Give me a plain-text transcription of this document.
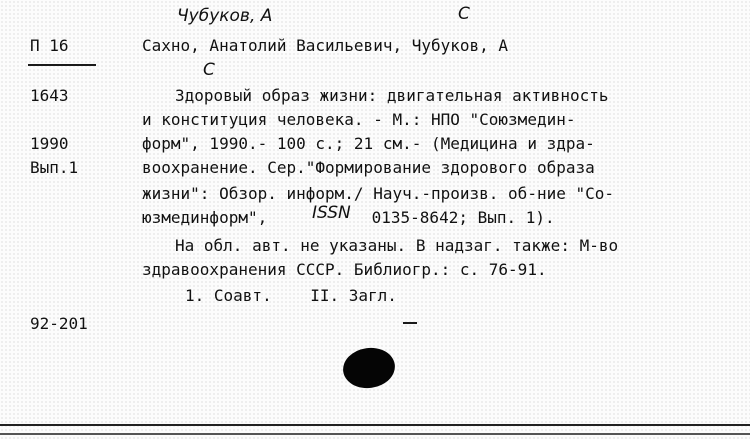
Чубуков, А	С
П 16	Сахно, Анатолий Васильевич, Чубуков, А
С
1643	Здоровый образ жизни: двигательная активность
и конституция человека. - М.: НПО "Союзмедин-
1990	форм", 1990.- 100 с.; 21 см.- (Медицина и здра-
Вып.1	воохранение. Сер."Формирование здорового образа
жизни": Обзор. информ./ Науч.-произв. об-ние "Со-
юзмединформ",	ISSN 0135-8642; Вып. 1).
На обл. авт. не указаны. В надзаг. также: М-во
здравоохранения СССР. Библиогр.: с. 76-91.
1. Соавт.    II. Загл.
92-201
